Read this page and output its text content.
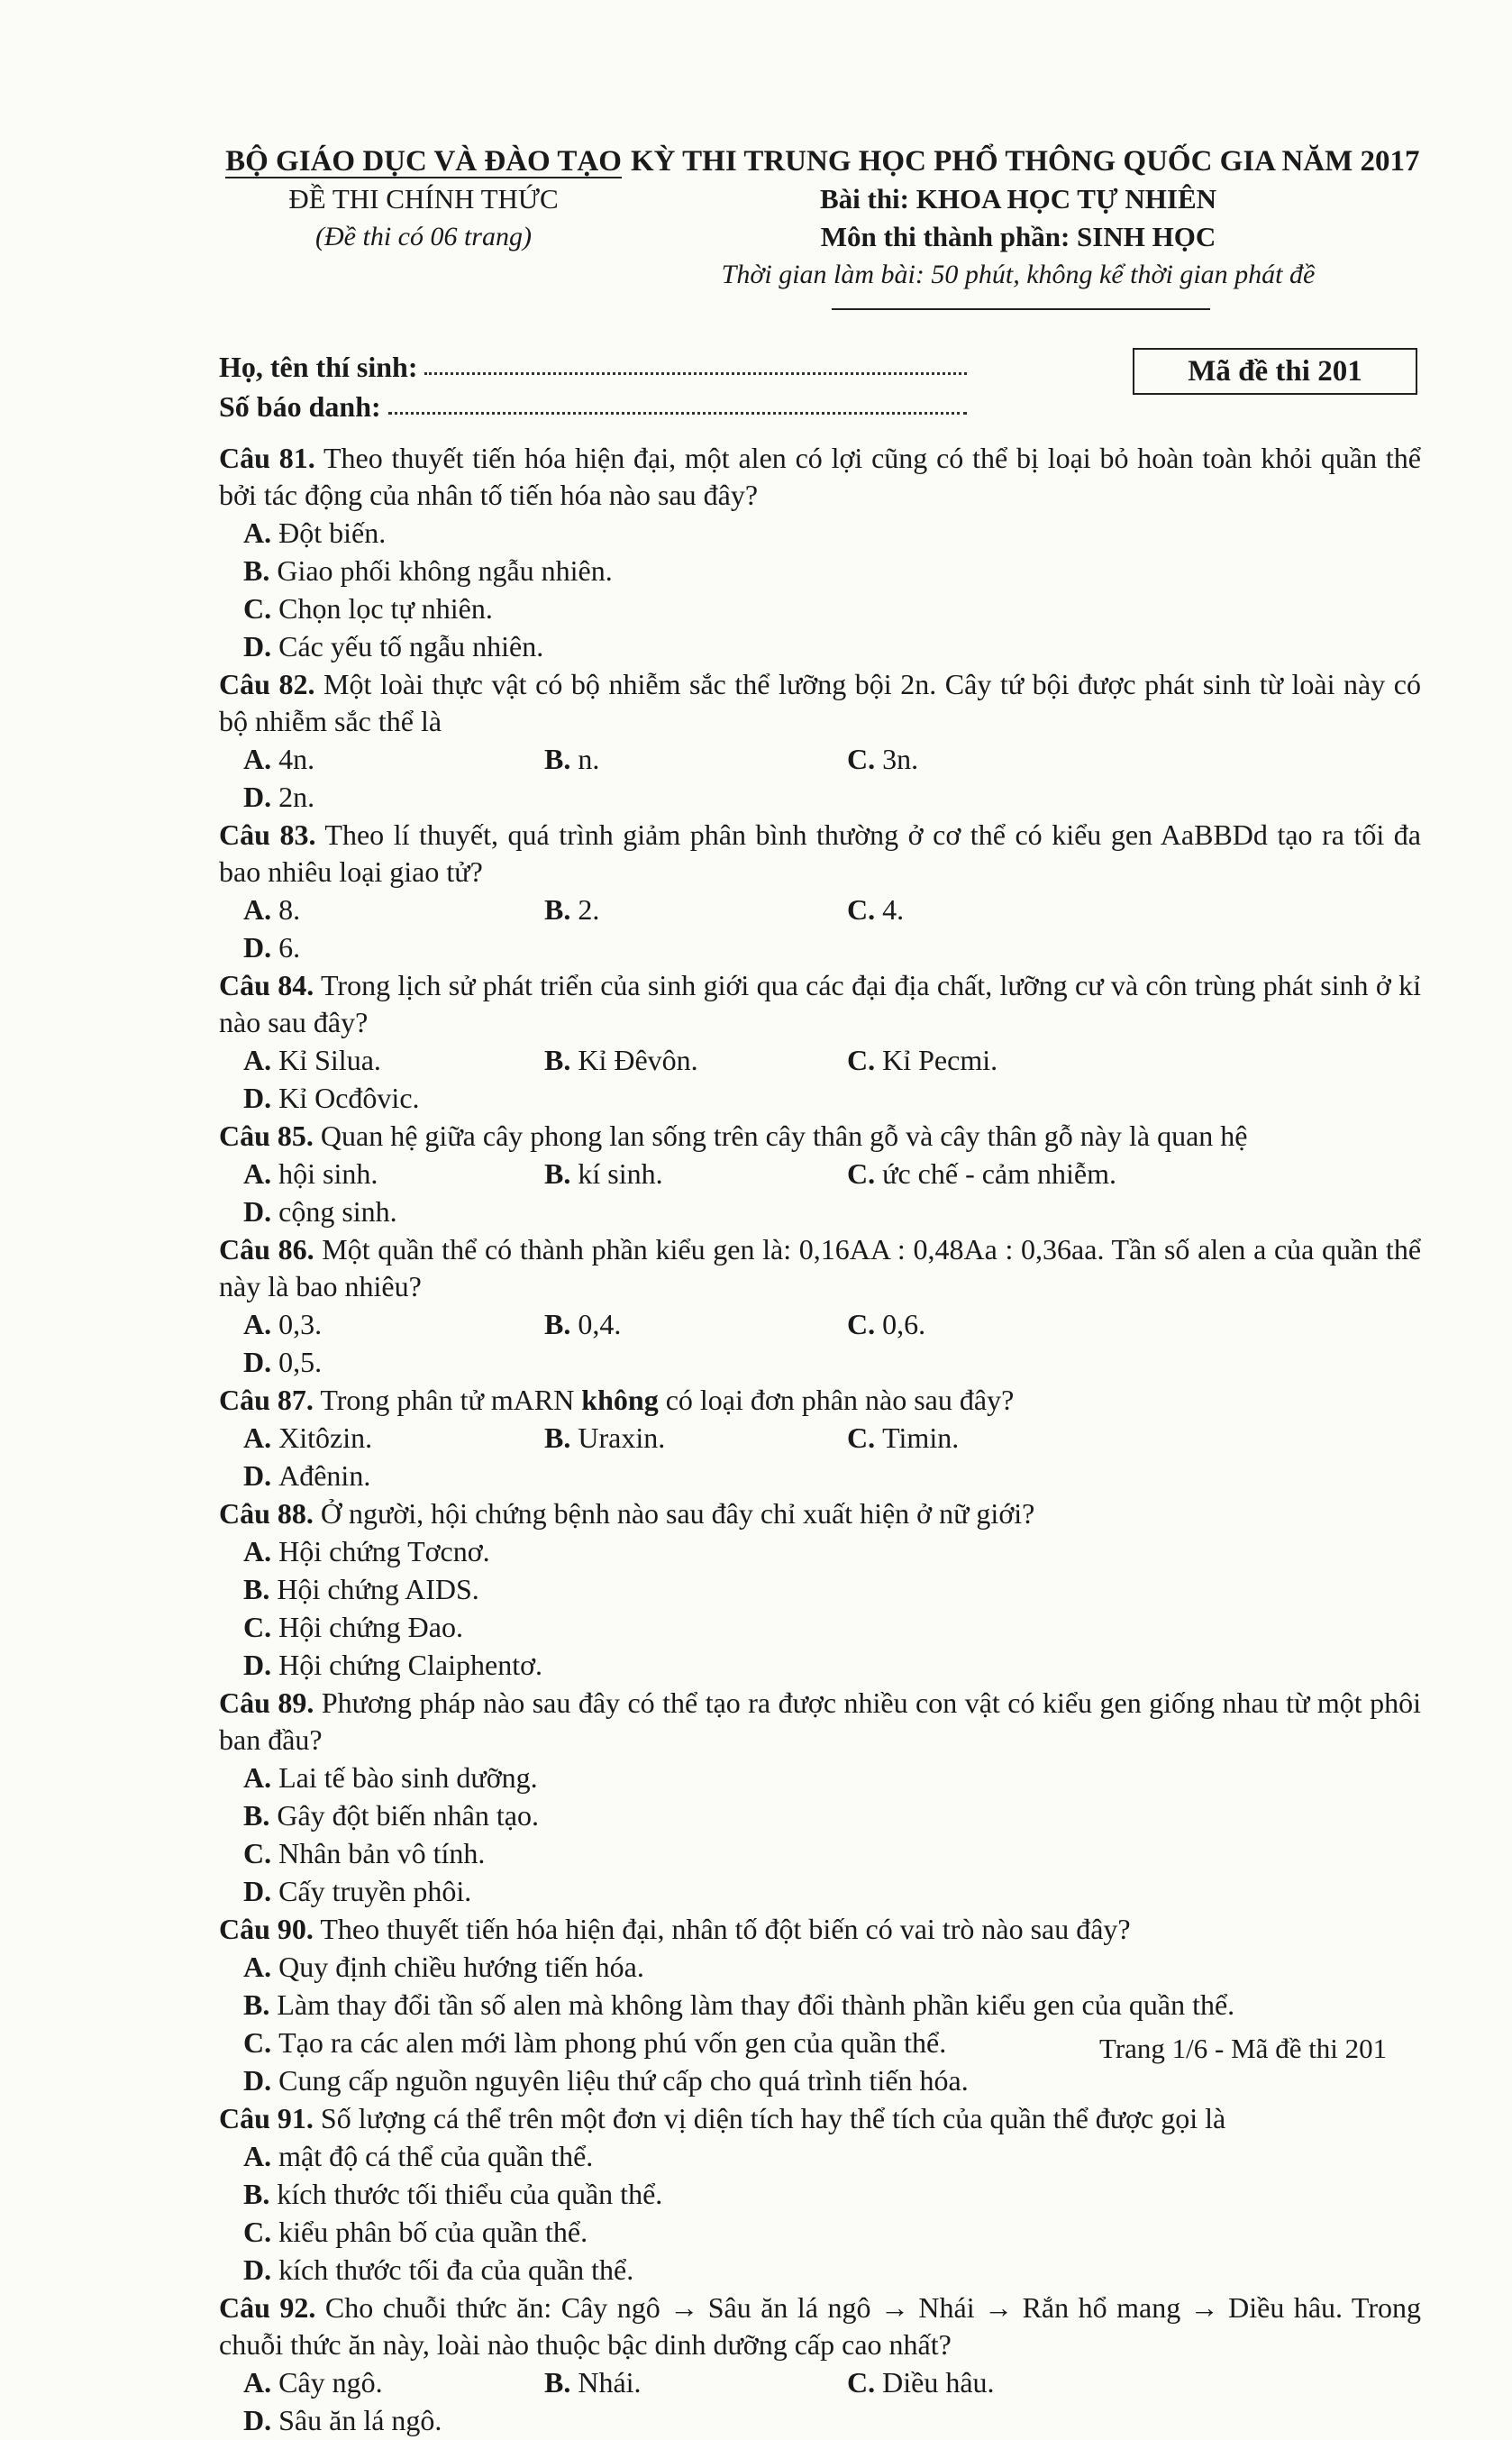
BỘ GIÁO DỤC VÀ ĐÀO TẠO
ĐỀ THI CHÍNH THỨC
(Đề thi có 06 trang)
KỲ THI TRUNG HỌC PHỔ THÔNG QUỐC GIA NĂM 2017
Bài thi: KHOA HỌC TỰ NHIÊN
Môn thi thành phần: SINH HỌC
Thời gian làm bài: 50 phút, không kể thời gian phát đề
Họ, tên thí sinh:
Số báo danh:
Mã đề thi 201
Câu 81. Theo thuyết tiến hóa hiện đại, một alen có lợi cũng có thể bị loại bỏ hoàn toàn khỏi quần thể bởi tác động của nhân tố tiến hóa nào sau đây?
A. Đột biến.
B. Giao phối không ngẫu nhiên.
C. Chọn lọc tự nhiên.
D. Các yếu tố ngẫu nhiên.
Câu 82. Một loài thực vật có bộ nhiễm sắc thể lưỡng bội 2n. Cây tứ bội được phát sinh từ loài này có bộ nhiễm sắc thể là
A. 4n.	B. n.	C. 3n.
D. 2n.
Câu 83. Theo lí thuyết, quá trình giảm phân bình thường ở cơ thể có kiểu gen AaBBDd tạo ra tối đa bao nhiêu loại giao tử?
A. 8.	B. 2.	C. 4.
D. 6.
Câu 84. Trong lịch sử phát triển của sinh giới qua các đại địa chất, lưỡng cư và côn trùng phát sinh ở kỉ nào sau đây?
A. Kỉ Silua.	B. Kỉ Đêvôn.	C. Kỉ Pecmi.
D. Kỉ Ocđôvic.
Câu 85. Quan hệ giữa cây phong lan sống trên cây thân gỗ và cây thân gỗ này là quan hệ
A. hội sinh.	B. kí sinh.	C. ức chế - cảm nhiễm.
D. cộng sinh.
Câu 86. Một quần thể có thành phần kiểu gen là: 0,16AA : 0,48Aa : 0,36aa. Tần số alen a của quần thể này là bao nhiêu?
A. 0,3.	B. 0,4.	C. 0,6.
D. 0,5.
Câu 87. Trong phân tử mARN không có loại đơn phân nào sau đây?
A. Xitôzin.	B. Uraxin.	C. Timin.
D. Ađênin.
Câu 88. Ở người, hội chứng bệnh nào sau đây chỉ xuất hiện ở nữ giới?
A. Hội chứng Tơcnơ.
B. Hội chứng AIDS.
C. Hội chứng Đao.
D. Hội chứng Claiphentơ.
Câu 89. Phương pháp nào sau đây có thể tạo ra được nhiều con vật có kiểu gen giống nhau từ một phôi ban đầu?
A. Lai tế bào sinh dưỡng.
B. Gây đột biến nhân tạo.
C. Nhân bản vô tính.
D. Cấy truyền phôi.
Câu 90. Theo thuyết tiến hóa hiện đại, nhân tố đột biến có vai trò nào sau đây?
A. Quy định chiều hướng tiến hóa.
B. Làm thay đổi tần số alen mà không làm thay đổi thành phần kiểu gen của quần thể.
C. Tạo ra các alen mới làm phong phú vốn gen của quần thể.
D. Cung cấp nguồn nguyên liệu thứ cấp cho quá trình tiến hóa.
Câu 91. Số lượng cá thể trên một đơn vị diện tích hay thể tích của quần thể được gọi là
A. mật độ cá thể của quần thể.
B. kích thước tối thiểu của quần thể.
C. kiểu phân bố của quần thể.
D. kích thước tối đa của quần thể.
Câu 92. Cho chuỗi thức ăn: Cây ngô → Sâu ăn lá ngô → Nhái → Rắn hổ mang → Diều hâu. Trong chuỗi thức ăn này, loài nào thuộc bậc dinh dưỡng cấp cao nhất?
A. Cây ngô.	B. Nhái.	C. Diều hâu.
D. Sâu ăn lá ngô.
Trang 1/6 - Mã đề thi 201
